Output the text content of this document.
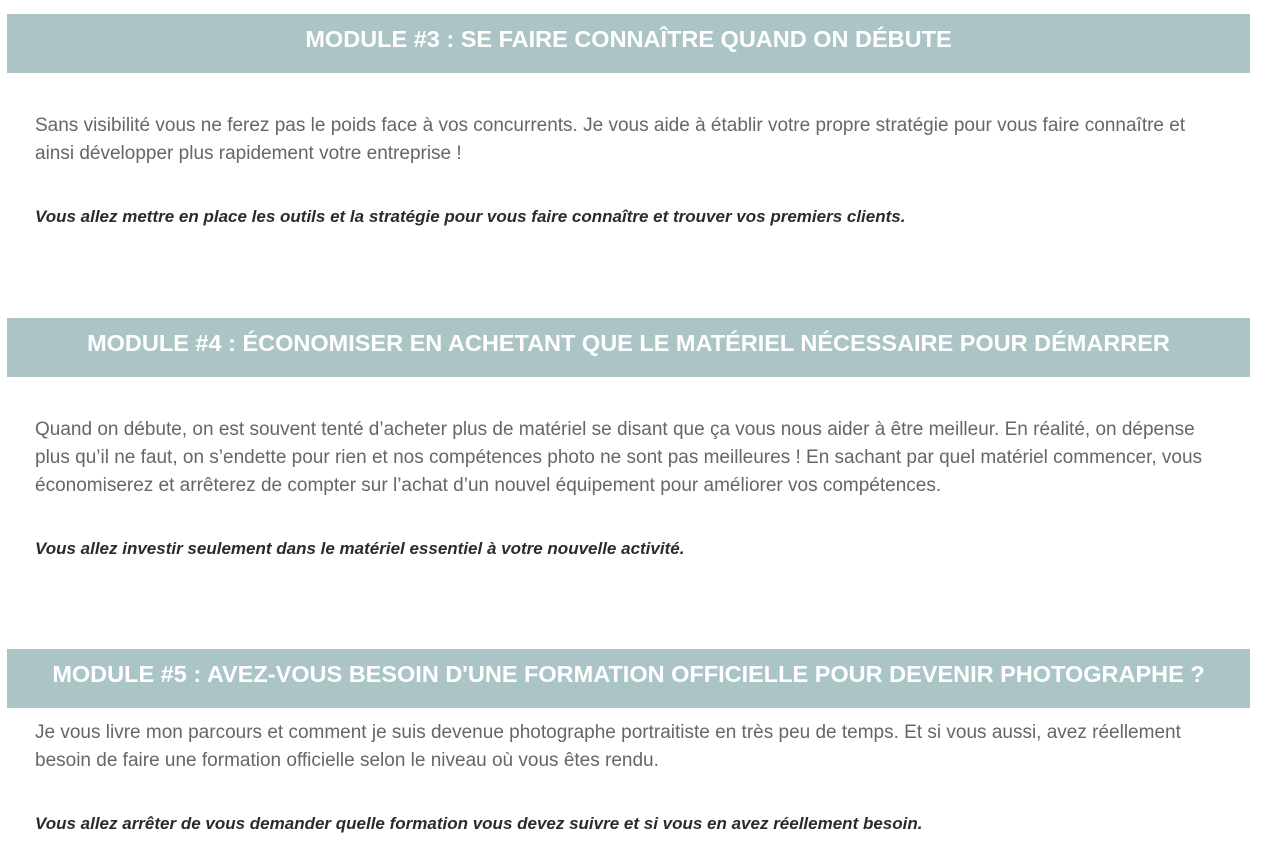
MODULE #3 : SE FAIRE CONNAÎTRE QUAND ON DÉBUTE

Sans visibilité vous ne ferez pas le poids face à vos concurrents. Je vous aide à établir votre propre stratégie pour vous faire connaître et ainsi développer plus rapidement votre entreprise !

Vous allez mettre en place les outils et la stratégie pour vous faire connaître et trouver vos premiers clients.

MODULE #4 : ÉCONOMISER EN ACHETANT QUE LE MATÉRIEL NÉCESSAIRE POUR DÉMARRER

Quand on débute, on est souvent tenté d’acheter plus de matériel se disant que ça vous nous aider à être meilleur. En réalité, on dépense plus qu’il ne faut, on s’endette pour rien et nos compétences photo ne sont pas meilleures ! En sachant par quel matériel commencer, vous économiserez et arrêterez de compter sur l’achat d’un nouvel équipement pour améliorer vos compétences.

Vous allez investir seulement dans le matériel essentiel à votre nouvelle activité.

MODULE #5 : AVEZ-VOUS BESOIN D'UNE FORMATION OFFICIELLE POUR DEVENIR PHOTOGRAPHE ?

Je vous livre mon parcours et comment je suis devenue photographe portraitiste en très peu de temps. Et si vous aussi, avez réellement besoin de faire une formation officielle selon le niveau où vous êtes rendu.

Vous allez arrêter de vous demander quelle formation vous devez suivre et si vous en avez réellement besoin.
